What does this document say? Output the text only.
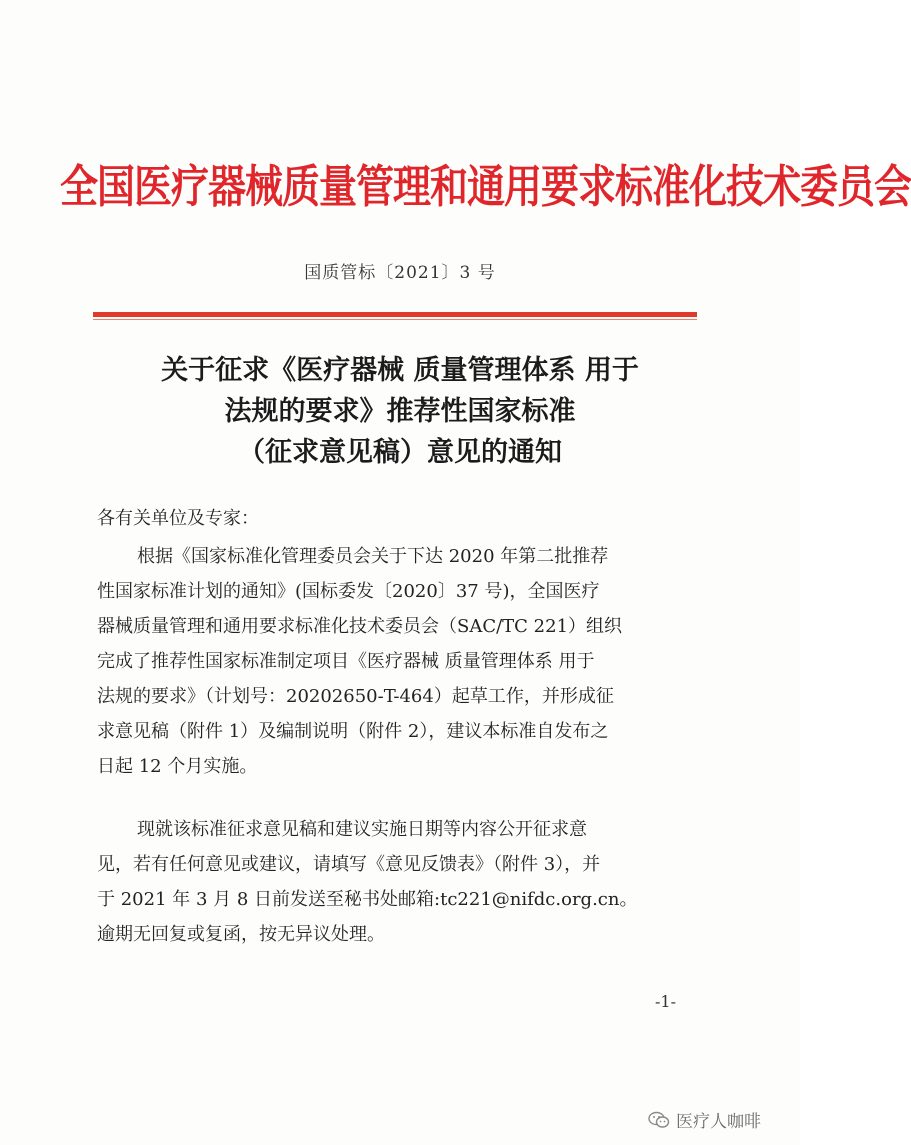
全国医疗器械质量管理和通用要求标准化技术委员会
国质管标〔2021〕3 号
关于征求《医疗器械 质量管理体系 用于
法规的要求》推荐性国家标准
（征求意见稿）意见的通知
各有关单位及专家：
根据《国家标准化管理委员会关于下达 2020 年第二批推荐
性国家标准计划的通知》(国标委发〔2020〕37 号)，全国医疗
器械质量管理和通用要求标准化技术委员会（SAC/TC 221）组织
完成了推荐性国家标准制定项目《医疗器械 质量管理体系 用于
法规的要求》（计划号：20202650-T-464）起草工作，并形成征
求意见稿（附件 1）及编制说明（附件 2），建议本标准自发布之
日起 12 个月实施。
现就该标准征求意见稿和建议实施日期等内容公开征求意
见，若有任何意见或建议，请填写《意见反馈表》（附件 3），并
于 2021 年 3 月 8 日前发送至秘书处邮箱:tc221@nifdc.org.cn。
逾期无回复或复函，按无异议处理。
-1-
医疗人咖啡
